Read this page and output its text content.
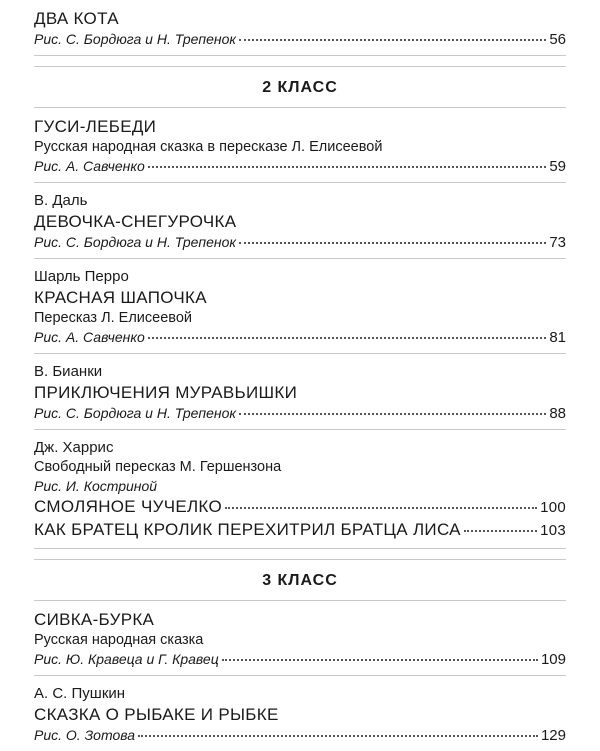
ДВА КОТА
Рис. С. Бордюга и Н. Трепенок	56
2 КЛАСС
ГУСИ-ЛЕБЕДИ
Русская народная сказка в пересказе Л. Елисеевой
Рис. А. Савченко	59
В. Даль
ДЕВОЧКА-СНЕГУРОЧКА
Рис. С. Бордюга и Н. Трепенок	73
Шарль Перро
КРАСНАЯ ШАПОЧКА
Пересказ Л. Елисеевой
Рис. А. Савченко	81
В. Бианки
ПРИКЛЮЧЕНИЯ МУРАВЬИШКИ
Рис. С. Бордюга и Н. Трепенок	88
Дж. Харрис
Свободный пересказ М. Гершензона
Рис. И. Костриной
СМОЛЯНОЕ ЧУЧЕЛКО	100
КАК БРАТЕЦ КРОЛИК ПЕРЕХИТРИЛ БРАТЦА ЛИСА	103
3 КЛАСС
СИВКА-БУРКА
Русская народная сказка
Рис. Ю. Кравеца и Г. Кравец	109
А. С. Пушкин
СКАЗКА О РЫБАКЕ И РЫБКЕ
Рис. О. Зотова	129
